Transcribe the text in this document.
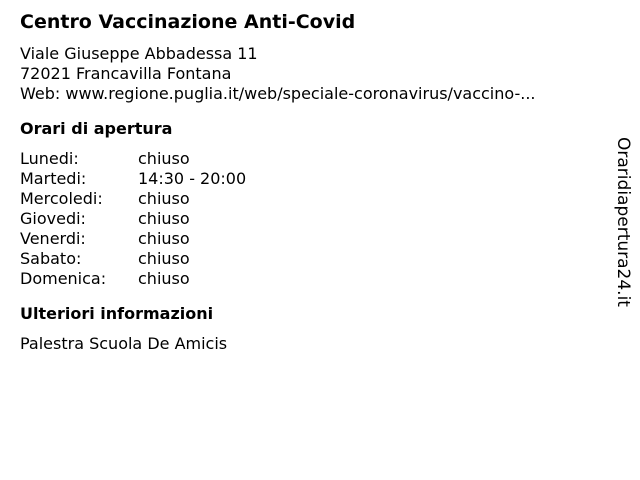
Centro Vaccinazione Anti-Covid
Viale Giuseppe Abbadessa 11
72021 Francavilla Fontana
Web: www.regione.puglia.it/web/speciale-coronavirus/vaccino-...
Orari di apertura
Lunedi:	chiuso
Martedi:	14:30 - 20:00
Mercoledi:	chiuso
Giovedi:	chiuso
Venerdi:	chiuso
Sabato:	chiuso
Domenica:	chiuso
Ulteriori informazioni
Palestra Scuola De Amicis
Oraridiapertura24.it
